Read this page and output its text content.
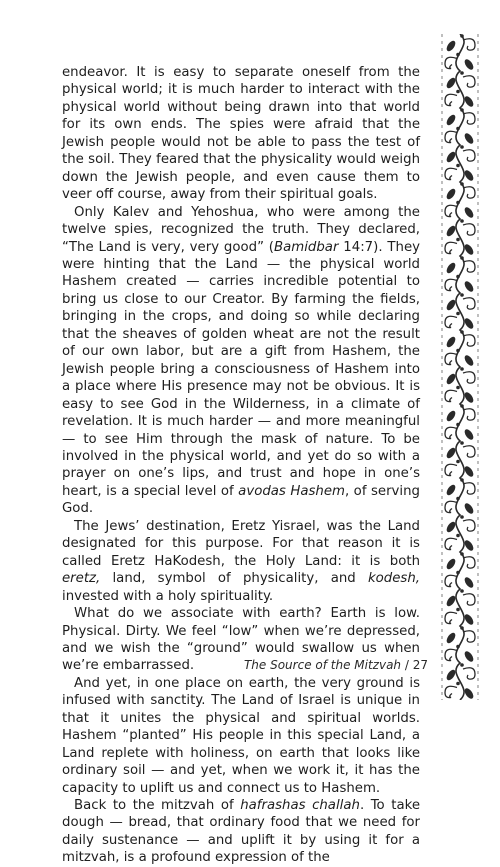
endeavor. It is easy to separate oneself from the physical world; it is much harder to interact with the physical world without being drawn into that world for its own ends. The spies were afraid that the Jewish people would not be able to pass the test of the soil. They feared that the physicality would weigh down the Jewish people, and even cause them to veer off course, away from their spiritual goals.

Only Kalev and Yehoshua, who were among the twelve spies, recognized the truth. They declared, “The Land is very, very good” (Bamidbar 14:7). They were hinting that the Land — the physical world Hashem created — carries incredible potential to bring us close to our Creator. By farming the fields, bringing in the crops, and doing so while declaring that the sheaves of golden wheat are not the result of our own labor, but are a gift from Hashem, the Jewish people bring a consciousness of Hashem into a place where His presence may not be obvious. It is easy to see God in the Wilderness, in a climate of revelation. It is much harder — and more meaningful — to see Him through the mask of nature. To be involved in the physical world, and yet do so with a prayer on one’s lips, and trust and hope in one’s heart, is a special level of avodas Hashem, of serving God.

The Jews’ destination, Eretz Yisrael, was the Land designated for this purpose. For that reason it is called Eretz HaKodesh, the Holy Land: it is both eretz, land, symbol of physicality, and kodesh, invested with a holy spirituality.

What do we associate with earth? Earth is low. Physical. Dirty. We feel “low” when we’re depressed, and we wish the “ground” would swallow us when we’re embarrassed.

And yet, in one place on earth, the very ground is infused with sanctity. The Land of Israel is unique in that it unites the physical and spiritual worlds. Hashem “planted” His people in this special Land, a Land replete with holiness, on earth that looks like ordinary soil — and yet, when we work it, it has the capacity to uplift us and connect us to Hashem.

Back to the mitzvah of hafrashas challah. To take dough — bread, that ordinary food that we need for daily sustenance — and uplift it by using it for a mitzvah, is a profound expression of the

The Source of the Mitzvah / 27
